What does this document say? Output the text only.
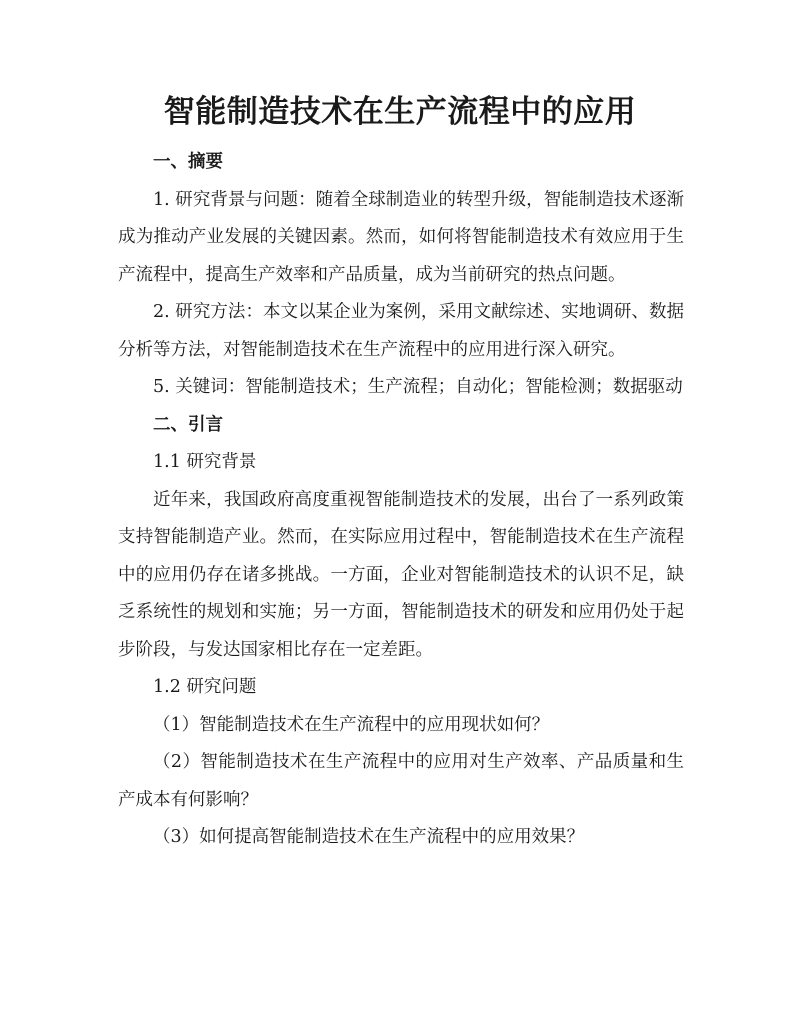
智能制造技术在生产流程中的应用

一、摘要

1. 研究背景与问题：随着全球制造业的转型升级，智能制造技术逐渐成为推动产业发展的关键因素。然而，如何将智能制造技术有效应用于生产流程中，提高生产效率和产品质量，成为当前研究的热点问题。

2. 研究方法：本文以某企业为案例，采用文献综述、实地调研、数据分析等方法，对智能制造技术在生产流程中的应用进行深入研究。

5. 关键词：智能制造技术；生产流程；自动化；智能检测；数据驱动

二、引言

1.1 研究背景

近年来，我国政府高度重视智能制造技术的发展，出台了一系列政策支持智能制造产业。然而，在实际应用过程中，智能制造技术在生产流程中的应用仍存在诸多挑战。一方面，企业对智能制造技术的认识不足，缺乏系统性的规划和实施；另一方面，智能制造技术的研发和应用仍处于起步阶段，与发达国家相比存在一定差距。

1.2 研究问题

（1）智能制造技术在生产流程中的应用现状如何？

（2）智能制造技术在生产流程中的应用对生产效率、产品质量和生产成本有何影响？

（3）如何提高智能制造技术在生产流程中的应用效果？
